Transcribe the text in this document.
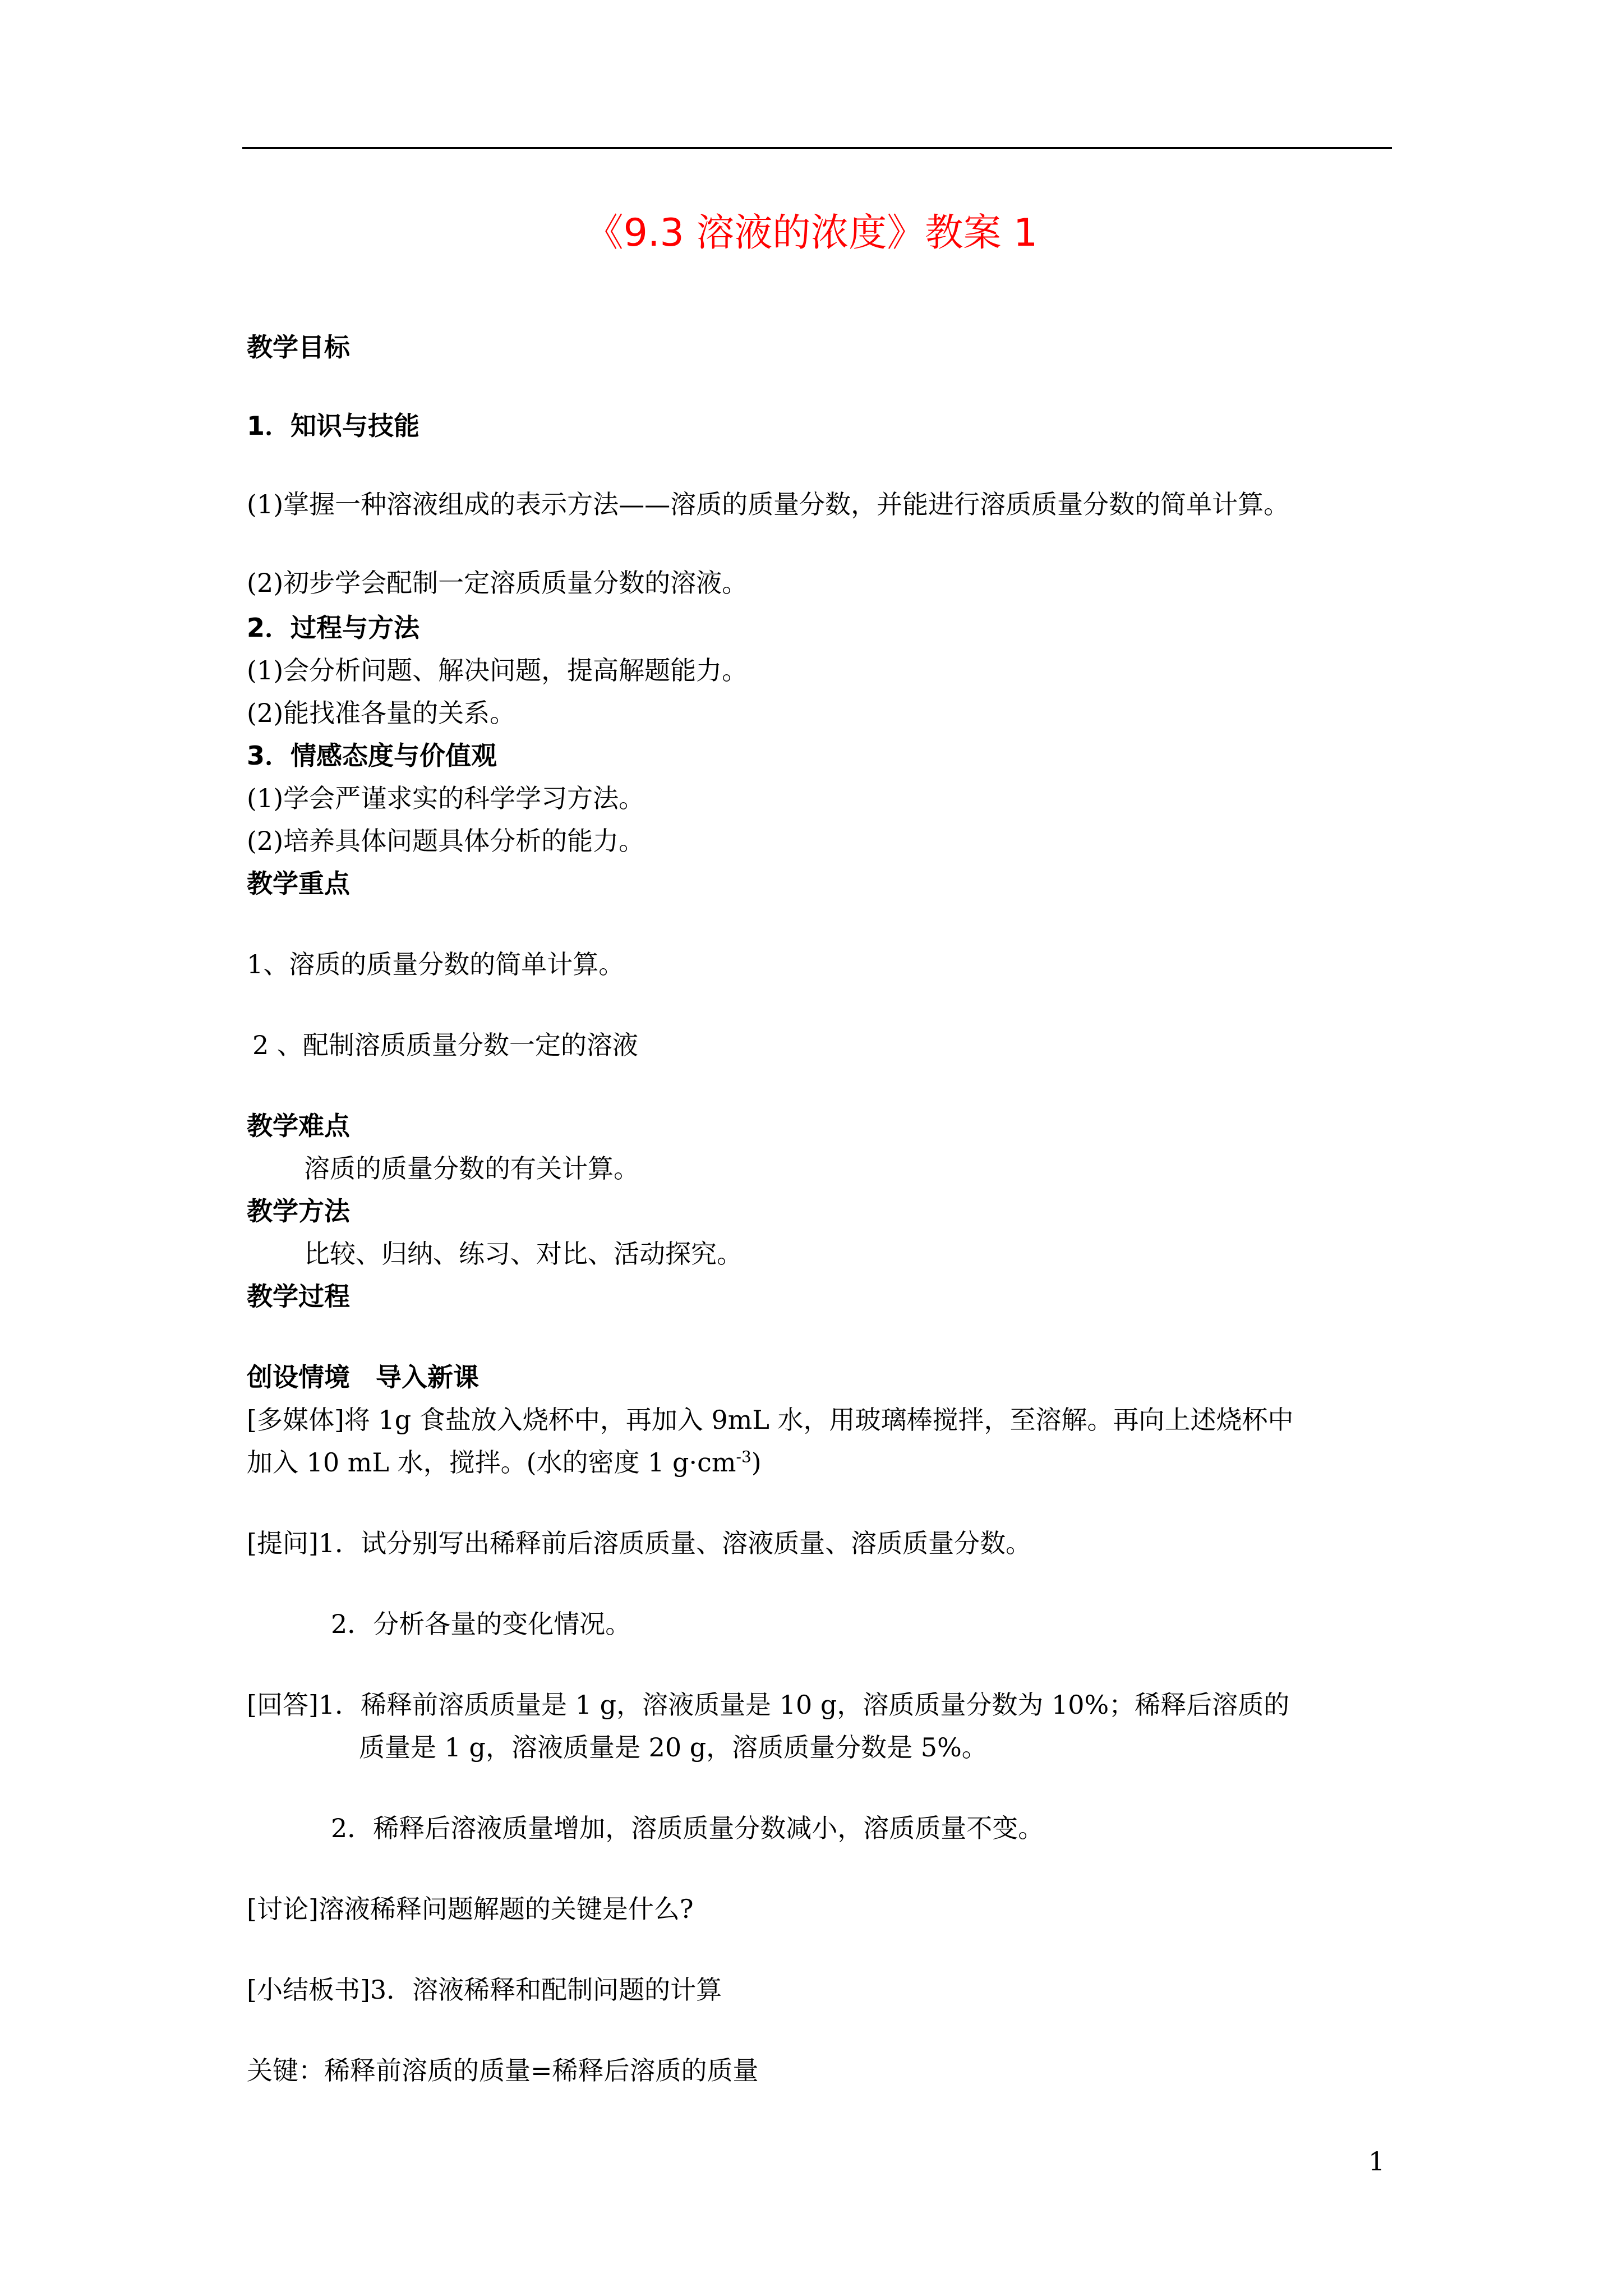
《9.3 溶液的浓度》教案 1
教学目标
1．知识与技能
(1)掌握一种溶液组成的表示方法——溶质的质量分数，并能进行溶质质量分数的简单计算。
(2)初步学会配制一定溶质质量分数的溶液。
2．过程与方法
(1)会分析问题、解决问题，提高解题能力。
(2)能找准各量的关系。
3．情感态度与价值观
(1)学会严谨求实的科学学习方法。
(2)培养具体问题具体分析的能力。
教学重点
1、溶质的质量分数的简单计算。
2 、配制溶质质量分数一定的溶液
教学难点
溶质的质量分数的有关计算。
教学方法
比较、归纳、练习、对比、活动探究。
教学过程
创设情境　导入新课
[多媒体]将 1g 食盐放入烧杯中，再加入 9mL 水，用玻璃棒搅拌，至溶解。再向上述烧杯中
加入 10 mL 水，搅拌。(水的密度 1 $g\cdot cm^{-3}$)
[提问]1．试分别写出稀释前后溶质质量、溶液质量、溶质质量分数。
2．分析各量的变化情况。
[回答]1．稀释前溶质质量是 1 g，溶液质量是 10 g，溶质质量分数为 10%；稀释后溶质的
质量是 1 g，溶液质量是 20 g，溶质质量分数是 5%。
2．稀释后溶液质量增加，溶质质量分数减小，溶质质量不变。
[讨论]溶液稀释问题解题的关键是什么?
[小结板书]3．溶液稀释和配制问题的计算
关键：稀释前溶质的质量=稀释后溶质的质量
1
